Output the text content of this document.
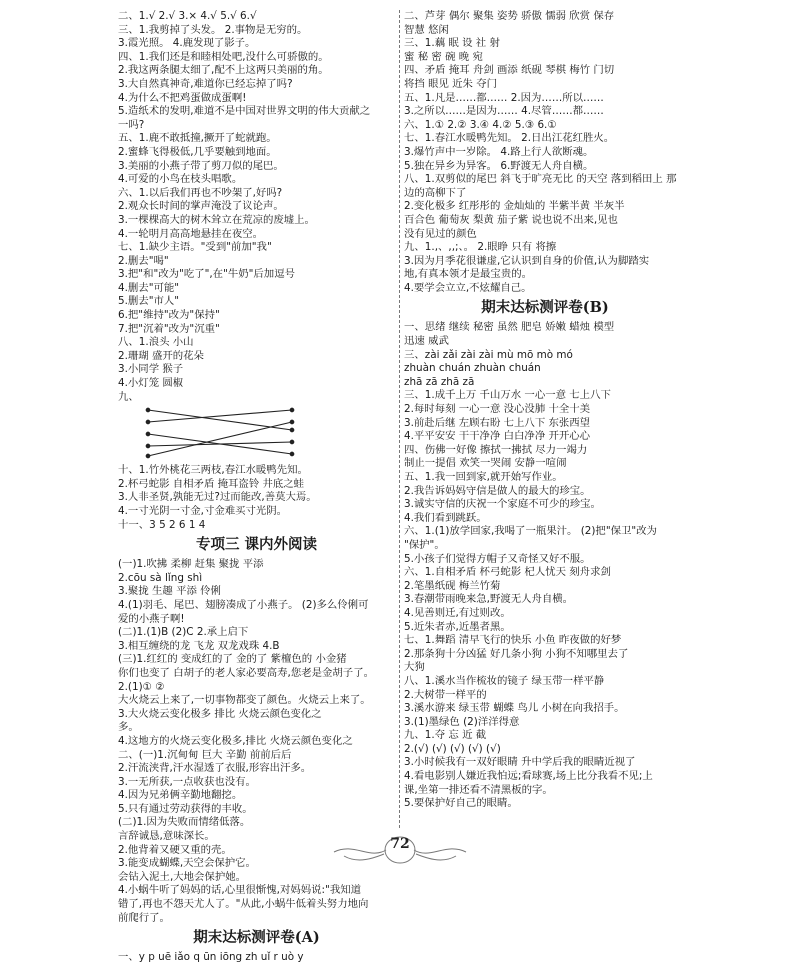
二、1.√ 2.√ 3.× 4.√ 5.√ 6.√
三、1.我剪掉了头发。 2.事物是无穷的。
3.霞光照。 4.鹿发现了影子。
四、1.我们还是和睦相处吧,没什么可骄傲的。
2.我这两条腿太细了,配不上这两只美丽的角。
3.大自然真神奇,难道你已经忘掉了吗?
4.为什么不把鸡蛋做成蛋啊!
5.造纸术的发明,难道不是中国对世界文明的伟大贡献之
一吗?
五、1.鹿不敢抵撞,撅开了蛇就跑。
2.蜜蜂飞得极低,几乎要触到地面。
3.美丽的小燕子带了剪刀似的尾巴。
4.可爱的小鸟在枝头唱歌。
六、1.以后我们再也不吵架了,好吗?
2.观众长时间的掌声淹没了议论声。
3.一棵棵高大的树木耸立在荒凉的废墟上。
4.一轮明月高高地悬挂在夜空。
七、1.缺少主语。"受到"前加"我"
2.删去"喝"
3.把"和"改为"吃了",在"牛奶"后加逗号
4.删去"可能"
5.删去"市人"
6.把"维持"改为"保持"
7.把"沉着"改为"沉重"
八、1.浪头 小山
2.珊瑚 盛开的花朵
3.小同学 猴子
4.小灯笼 圆椒
九、
十、1.竹外桃花三两枝,春江水暖鸭先知。
2.杯弓蛇影 自相矛盾 掩耳盗铃 井底之蛙
3.人非圣贤,孰能无过?过而能改,善莫大焉。
4.一寸光阴一寸金,寸金难买寸光阴。
十一、3 5 2 6 1 4
专项三 课内外阅读
(一)1.吹拂 柔柳 赶集 聚拢 平添
2.cōu sà lǐng shì
3.聚拢 生趣 平添 伶俐
4.(1)羽毛、尾巴、翅膀凑成了小燕子。 (2)多么伶俐可
爱的小燕子啊!
(二)1.(1)B (2)C 2.承上启下
3.相互缠绕的龙 飞龙 双龙戏珠 4.B
(三)1.红红的 变成红的了 金的了 紫檀色的 小金猪
你们也变了 白胡子的老人家必要高寿,您老是金胡子了。
2.(1)① ②
大火烧云上来了,一切事物都变了颜色。火烧云上来了。
3.大火烧云变化极多 排比 火烧云颜色变化之
多。
4.这地方的火烧云变化极多,排比 火烧云颜色变化之
二、(一)1.沉甸甸 巨大 辛勤 前前后后
2.汗流浃背,汗水湿透了衣服,形容出汗多。
3.一无所获,一点收获也没有。
4.因为兄弟俩辛勤地翻挖。
5.只有通过劳动获得的丰收。
(二)1.因为失败而情绪低落。
言辞诚恳,意味深长。
2.他背着又硬又重的壳。
3.能变成蝴蝶,天空会保护它。
会钻入泥土,大地会保护她。
4.小蜗牛听了妈妈的话,心里很惭愧,对妈妈说:"我知道
错了,再也不怨天尤人了。"从此,小蜗牛低着头努力地向
前爬行了。
期末达标测评卷(A)
一、y p uē iǎo q ūn iōng zh uǐ r uò y
二、芦芽 偶尔 聚集 姿势 骄傲 懦弱 欣赏 保存
智慧 悠闲
三、1.藕 眠 设 社 射
蜜 秘 密 碗 晚 宛
四、矛盾 掩耳 舟剑 画添 纸砚 琴棋 梅竹 门切
将挡 眼见 近朱 夺门
五、1.凡是……都…… 2.因为……所以……
3.之所以……是因为…… 4.尽管……都……
六、1.① 2.② 3.④ 4.② 5.③ 6.①
七、1.春江水暖鸭先知。 2.日出江花红胜火。
3.爆竹声中一岁除。 4.路上行人欲断魂。
5.独在异乡为异客。 6.野渡无人舟自横。
八、1.双剪似的尾巴 斜飞于旷亮无比 的天空 落到稻田上 那
边的高柳下了
2.变化极多 红彤彤的 金灿灿的 半紫半黄 半灰半
百合色 葡萄灰 梨黄 茄子紫 说也说不出来,见也
没有见过的颜色
九、1.,、,,;、。 2.眼睁 只有 将擦
3.因为月季花很谦虚,它认识到自身的价值,认为脚踏实
地,有真本领才是最宝贵的。
4.要学会立立,不炫耀自己。
期末达标测评卷(B)
一、思绪 继续 秘密 虽然 肥皂 娇嫩 蜡烛 模型
迅速 威武
三、zài zǎi zài zài mù mō mò mó
zhuàn chuán zhuàn chuán
zhā zā zhā zā
三、1.成千上万 千山万水 一心一意 七上八下
2.每时每刻 一心一意 没心没肺 十全十美
3.前赴后继 左顾右盼 七上八下 东张西望
4.平平安安 干干净净 白白净净 开开心心
四、伤佛一好像 擦拭一拂拭 尽力一竭力
制止一提倡 欢笑一哭闹 安静一喧闹
五、1.我一回到家,就开始写作业。
2.我告诉妈妈守信是做人的最大的珍宝。
3.诚实守信的庆祝一个家庭不可少的珍宝。
4.我们看到跳跃。
六、1.(1)放学回家,我喝了一瓶果汁。 (2)把"保卫"改为
"保护"。
5.小孩子们觉得方帽子又奇怪又好不服。
六、1.自相矛盾 杯弓蛇影 杞人忧天 刻舟求剑
2.笔墨纸砚 梅兰竹菊
3.春潮带雨晚来急,野渡无人舟自横。
4.见善则迁,有过则改。
5.近朱者赤,近墨者黑。
七、1.舞蹈 清早飞行的快乐 小鱼 昨夜做的好梦
2.那条狗十分凶猛 好几条小狗 小狗不知哪里去了
大狗
八、1.溪水当作梳妆的镜子 绿玉带一样平静
2.大树带一样平的
3.溪水游来 绿玉带 蝴蝶 鸟儿 小树在向我招手。
3.(1)墨绿色 (2)洋洋得意
九、1.夺 忘 近 截
2.(√) (√) (√) (√) (√)
3.小时候我有一双好眼睛 升中学后我的眼睛近视了
4.看电影别人嫌近我怕远;看球赛,场上比分我看不见;上
课,坐第一排还看不清黑板的字。
5.要保护好自己的眼睛。
72
